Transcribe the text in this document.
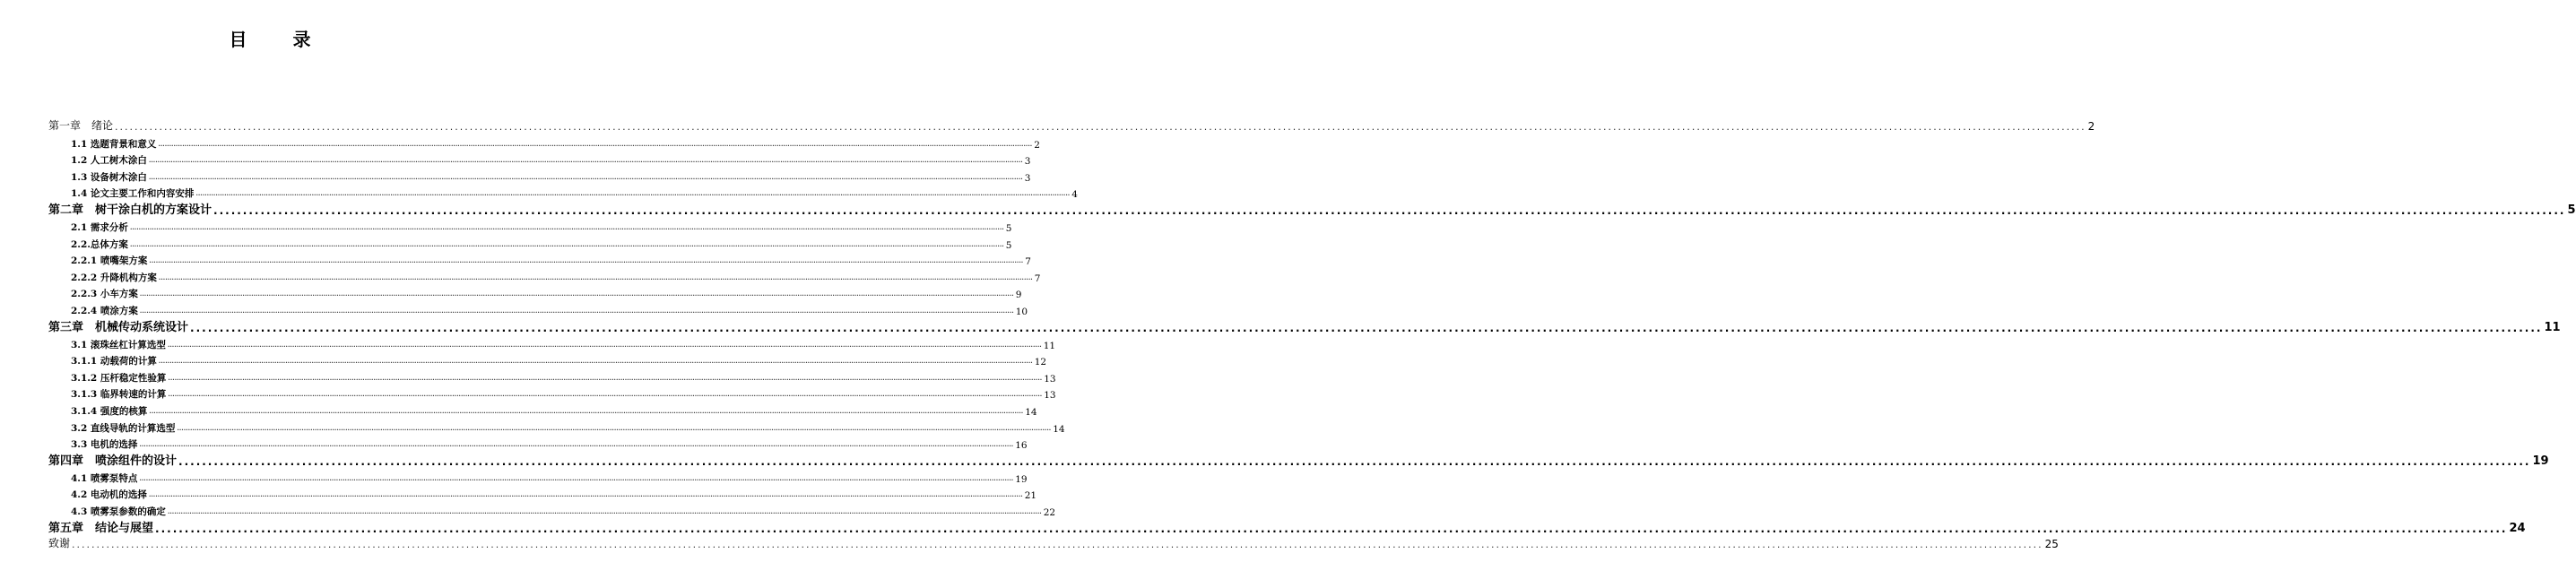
目 录
第一章　绪论 ................................................................................................................................................................................................................................................................................................................................................................................................................ 2
1.1 选题背景和意义 ................................................................................................................................................................................................................................................................................................................................................................................................................ 2
1.2 人工树木涂白 ................................................................................................................................................................................................................................................................................................................................................................................................................ 3
1.3 设备树木涂白 ................................................................................................................................................................................................................................................................................................................................................................................................................ 3
1.4 论文主要工作和内容安排 ................................................................................................................................................................................................................................................................................................................................................................................................................ 4
第二章　树干涂白机的方案设计 ................................................................................................................................................................................................................................................................................................................................................................................................................ 5
2.1 需求分析 ................................................................................................................................................................................................................................................................................................................................................................................................................ 5
2.2.总体方案 ................................................................................................................................................................................................................................................................................................................................................................................................................ 5
2.2.1 喷嘴架方案 ................................................................................................................................................................................................................................................................................................................................................................................................................ 7
2.2.2 升降机构方案 ................................................................................................................................................................................................................................................................................................................................................................................................................ 7
2.2.3 小车方案 ................................................................................................................................................................................................................................................................................................................................................................................................................ 9
2.2.4 喷涂方案 ................................................................................................................................................................................................................................................................................................................................................................................................................ 10
第三章　机械传动系统设计 ................................................................................................................................................................................................................................................................................................................................................................................................................ 11
3.1 滚珠丝杠计算选型 ................................................................................................................................................................................................................................................................................................................................................................................................................ 11
3.1.1 动载荷的计算 ................................................................................................................................................................................................................................................................................................................................................................................................................ 12
3.1.2 压杆稳定性验算 ................................................................................................................................................................................................................................................................................................................................................................................................................ 13
3.1.3 临界转速的计算 ................................................................................................................................................................................................................................................................................................................................................................................................................ 13
3.1.4 强度的核算 ................................................................................................................................................................................................................................................................................................................................................................................................................ 14
3.2 直线导轨的计算选型 ................................................................................................................................................................................................................................................................................................................................................................................................................ 14
3.3 电机的选择 ................................................................................................................................................................................................................................................................................................................................................................................................................ 16
第四章　喷涂组件的设计 ................................................................................................................................................................................................................................................................................................................................................................................................................ 19
4.1 喷雾泵特点 ................................................................................................................................................................................................................................................................................................................................................................................................................ 19
4.2 电动机的选择 ................................................................................................................................................................................................................................................................................................................................................................................................................ 21
4.3 喷雾泵参数的确定 ................................................................................................................................................................................................................................................................................................................................................................................................................ 22
第五章　结论与展望 ................................................................................................................................................................................................................................................................................................................................................................................................................ 24
致谢 ................................................................................................................................................................................................................................................................................................................................................................................................................ 25
